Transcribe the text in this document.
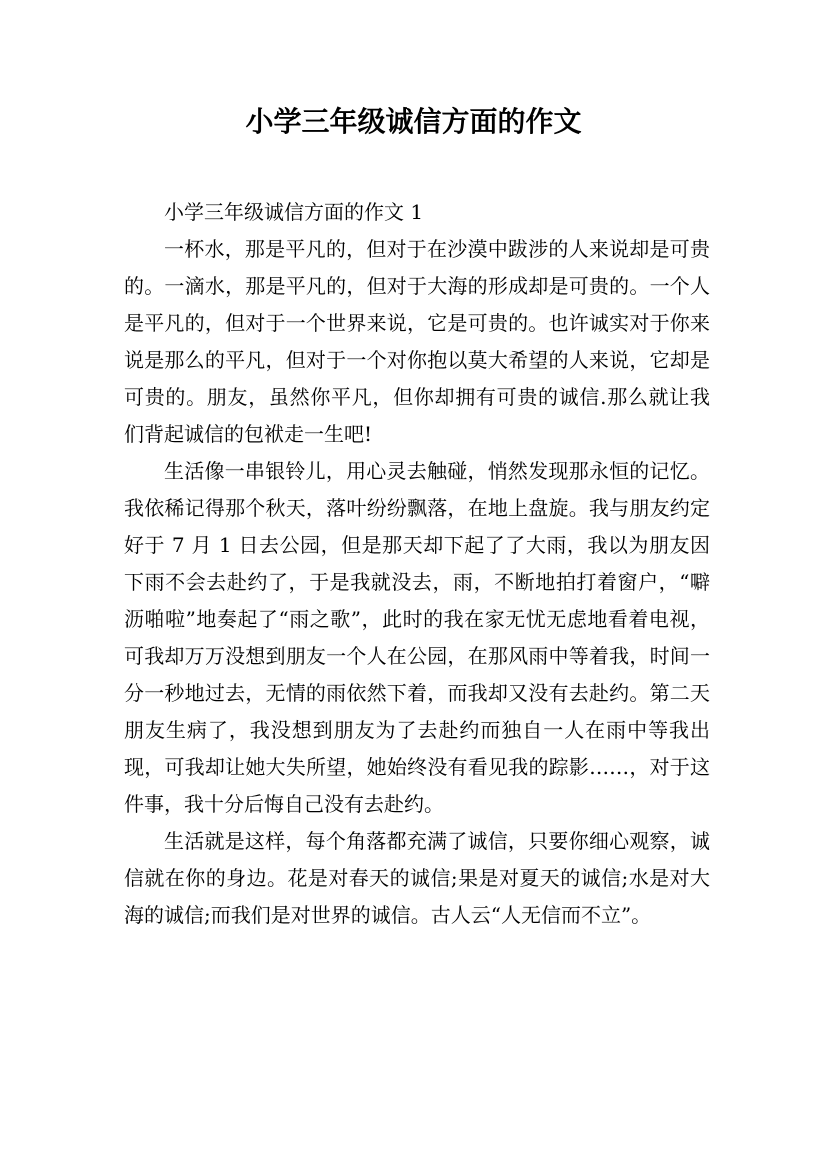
小学三年级诚信方面的作文

小学三年级诚信方面的作文 1

一杯水，那是平凡的，但对于在沙漠中跋涉的人来说却是可贵的。一滴水，那是平凡的，但对于大海的形成却是可贵的。一个人是平凡的，但对于一个世界来说，它是可贵的。也许诚实对于你来说是那么的平凡，但对于一个对你抱以莫大希望的人来说，它却是可贵的。朋友，虽然你平凡，但你却拥有可贵的诚信.那么就让我们背起诚信的包袱走一生吧!

生活像一串银铃儿，用心灵去触碰，悄然发现那永恒的记忆。我依稀记得那个秋天，落叶纷纷飘落，在地上盘旋。我与朋友约定好于 7 月 1 日去公园，但是那天却下起了了大雨，我以为朋友因下雨不会去赴约了，于是我就没去，雨，不断地拍打着窗户，“噼沥啪啦”地奏起了“雨之歌”，此时的我在家无忧无虑地看着电视，可我却万万没想到朋友一个人在公园，在那风雨中等着我，时间一分一秒地过去，无情的雨依然下着，而我却又没有去赴约。第二天朋友生病了，我没想到朋友为了去赴约而独自一人在雨中等我出现，可我却让她大失所望，她始终没有看见我的踪影……，对于这件事，我十分后悔自己没有去赴约。

生活就是这样，每个角落都充满了诚信，只要你细心观察，诚信就在你的身边。花是对春天的诚信;果是对夏天的诚信;水是对大海的诚信;而我们是对世界的诚信。古人云“人无信而不立”。
